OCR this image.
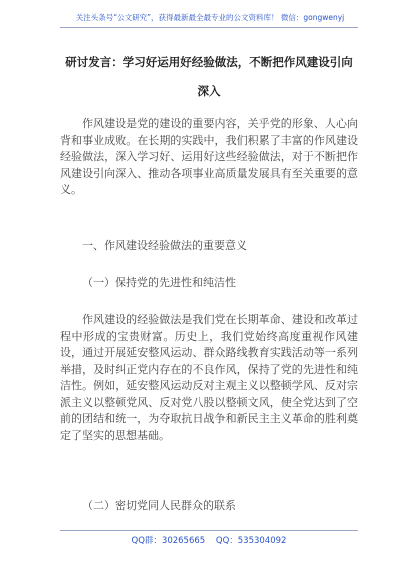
关注头条号“公文研究”，获得最新最全最专业的公文资料库！ 微信：gongwenyj
研讨发言：学习好运用好经验做法，不断把作风建设引向
深入
作风建设是党的建设的重要内容，关乎党的形象、人心向背和事业成败。在长期的实践中，我们积累了丰富的作风建设经验做法，深入学习好、运用好这些经验做法，对于不断把作风建设引向深入、推动各项事业高质量发展具有至关重要的意义。
一、作风建设经验做法的重要意义
（一）保持党的先进性和纯洁性
作风建设的经验做法是我们党在长期革命、建设和改革过程中形成的宝贵财富。历史上，我们党始终高度重视作风建设，通过开展延安整风运动、群众路线教育实践活动等一系列举措，及时纠正党内存在的不良作风，保持了党的先进性和纯洁性。例如，延安整风运动反对主观主义以整顿学风、反对宗派主义以整顿党风、反对党八股以整顿文风，使全党达到了空前的团结和统一，为夺取抗日战争和新民主主义革命的胜利奠定了坚实的思想基础。
（二）密切党同人民群众的联系
QQ群：30265665 QQ：535304092
